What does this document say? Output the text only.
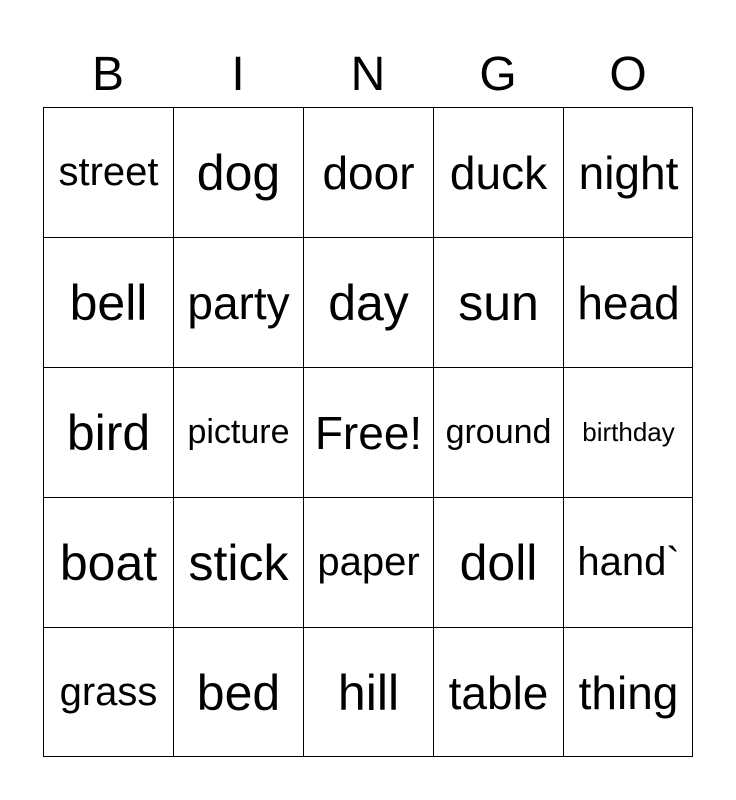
B	I	N	G	O
street dog door duck night
bell party day sun head
bird	picture Free! ground	birthday
boat stick paper doll hand`
grass bed	hill	table thing
